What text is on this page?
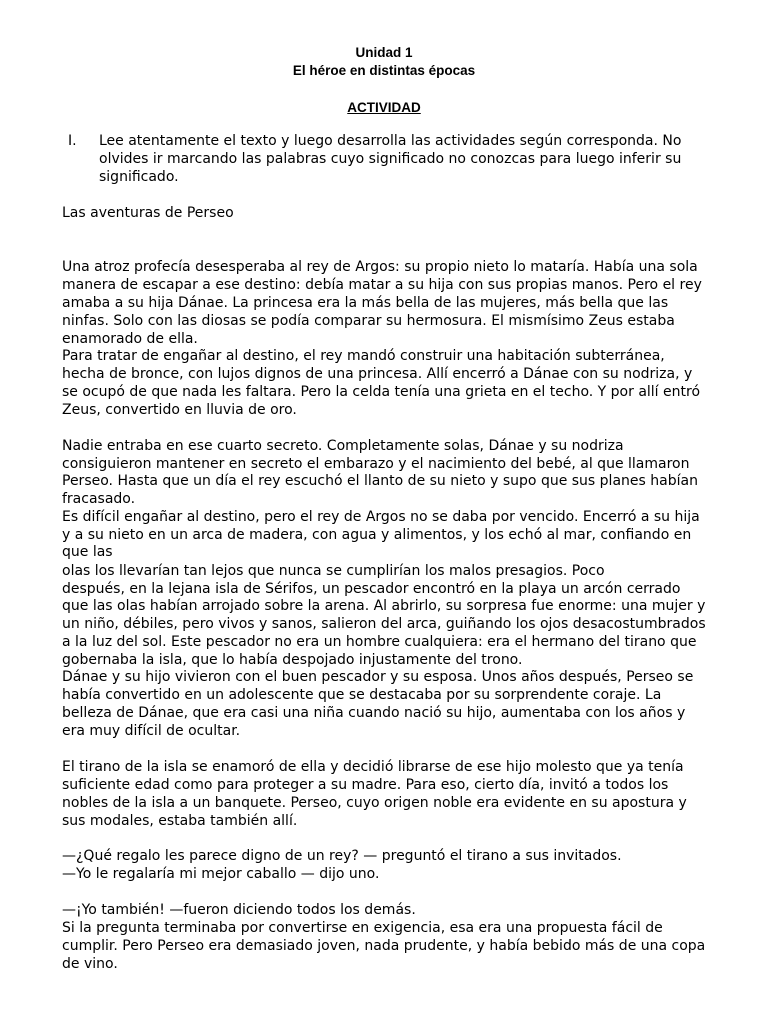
Unidad 1
El héroe en distintas épocas
ACTIVIDAD
I. Lee atentamente el texto y luego desarrolla las actividades según corresponda. No
olvides ir marcando las palabras cuyo significado no conozcas para luego inferir su
significado.
Las aventuras de Perseo
Una atroz profecía desesperaba al rey de Argos: su propio nieto lo mataría. Había una sola
manera de escapar a ese destino: debía matar a su hija con sus propias manos. Pero el rey
amaba a su hija Dánae. La princesa era la más bella de las mujeres, más bella que las
ninfas. Solo con las diosas se podía comparar su hermosura. El mismísimo Zeus estaba
enamorado de ella.
Para tratar de engañar al destino, el rey mandó construir una habitación subterránea,
hecha de bronce, con lujos dignos de una princesa. Allí encerró a Dánae con su nodriza, y
se ocupó de que nada les faltara. Pero la celda tenía una grieta en el techo. Y por allí entró
Zeus, convertido en lluvia de oro.
Nadie entraba en ese cuarto secreto. Completamente solas, Dánae y su nodriza
consiguieron mantener en secreto el embarazo y el nacimiento del bebé, al que llamaron
Perseo. Hasta que un día el rey escuchó el llanto de su nieto y supo que sus planes habían
fracasado.
Es difícil engañar al destino, pero el rey de Argos no se daba por vencido. Encerró a su hija
y a su nieto en un arca de madera, con agua y alimentos, y los echó al mar, confiando en
que las
olas los llevarían tan lejos que nunca se cumplirían los malos presagios. Poco
después, en la lejana isla de Sérifos, un pescador encontró en la playa un arcón cerrado
que las olas habían arrojado sobre la arena. Al abrirlo, su sorpresa fue enorme: una mujer y
un niño, débiles, pero vivos y sanos, salieron del arca, guiñando los ojos desacostumbrados
a la luz del sol. Este pescador no era un hombre cualquiera: era el hermano del tirano que
gobernaba la isla, que lo había despojado injustamente del trono.
Dánae y su hijo vivieron con el buen pescador y su esposa. Unos años después, Perseo se
había convertido en un adolescente que se destacaba por su sorprendente coraje. La
belleza de Dánae, que era casi una niña cuando nació su hijo, aumentaba con los años y
era muy difícil de ocultar.
El tirano de la isla se enamoró de ella y decidió librarse de ese hijo molesto que ya tenía
suficiente edad como para proteger a su madre. Para eso, cierto día, invitó a todos los
nobles de la isla a un banquete. Perseo, cuyo origen noble era evidente en su apostura y
sus modales, estaba también allí.
—¿Qué regalo les parece digno de un rey? — preguntó el tirano a sus invitados.
—Yo le regalaría mi mejor caballo — dijo uno.
—¡Yo también! —fueron diciendo todos los demás.
Si la pregunta terminaba por convertirse en exigencia, esa era una propuesta fácil de
cumplir. Pero Perseo era demasiado joven, nada prudente, y había bebido más de una copa
de vino.
